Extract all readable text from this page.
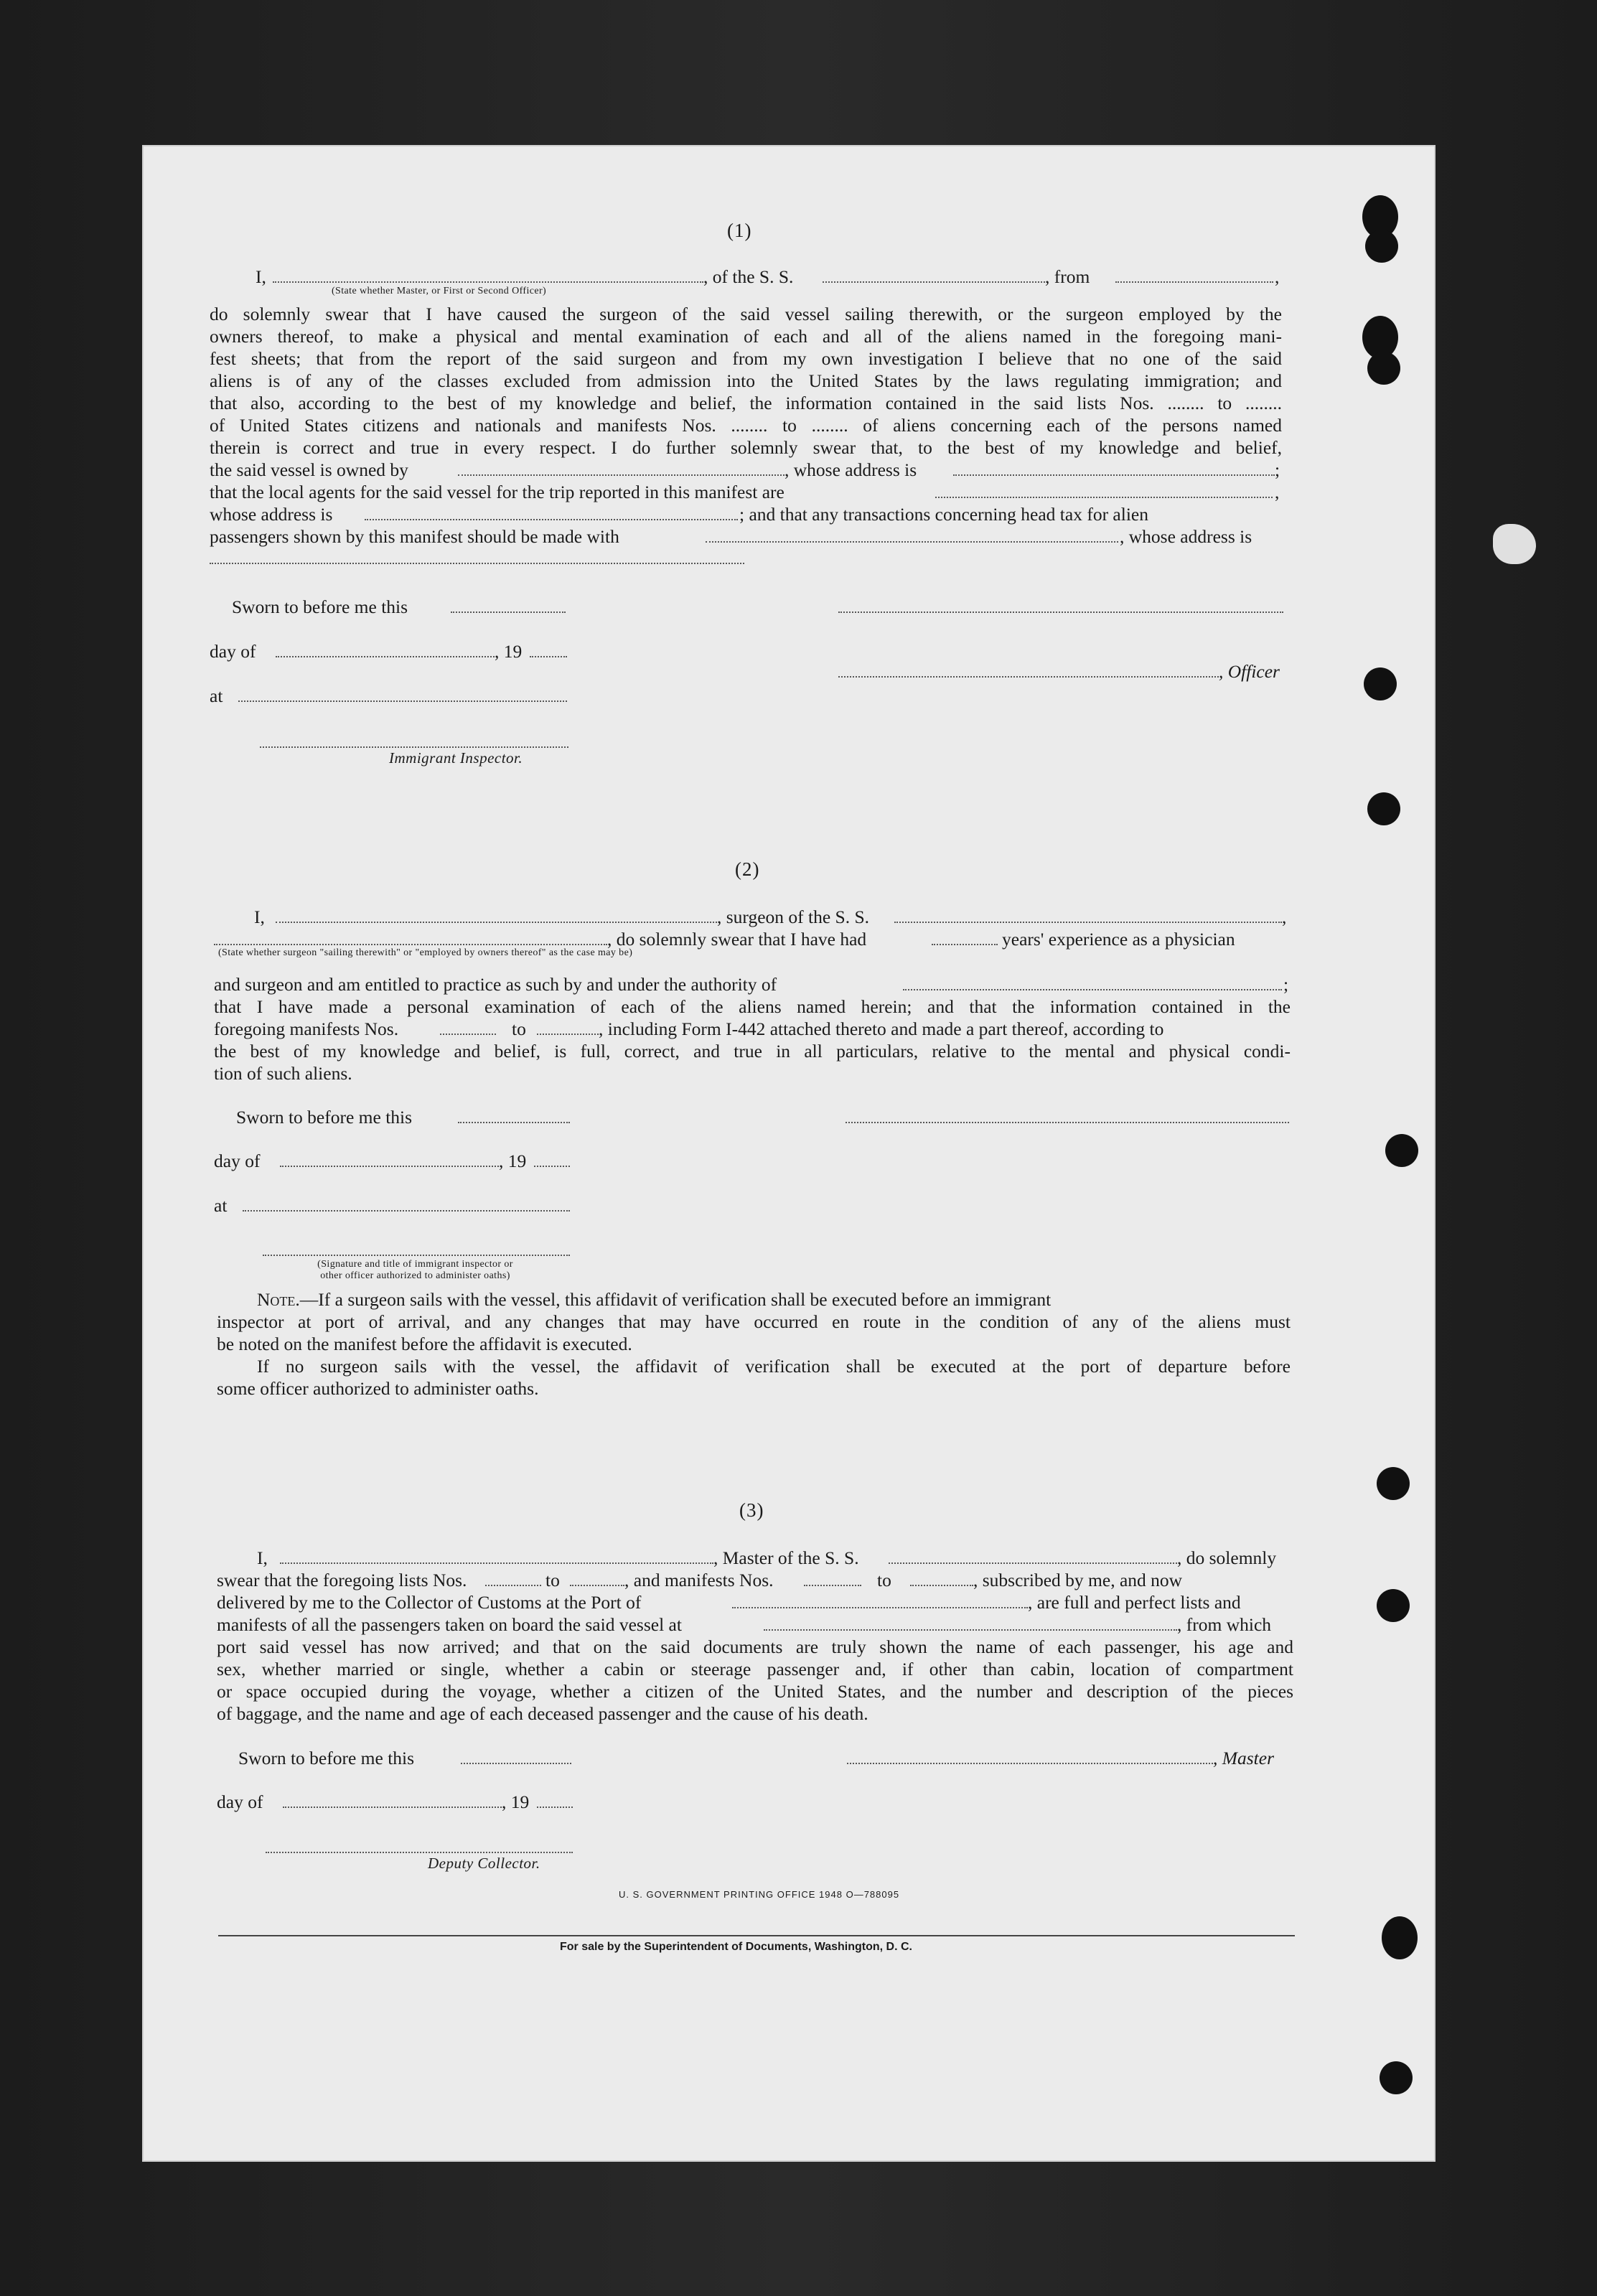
(1)
I,	, of the S. S.	, from	,
(State whether Master, or First or Second Officer)
do solemnly swear that I have caused the surgeon of the said vessel sailing therewith, or the surgeon employed by the
owners thereof, to make a physical and mental examination of each and all of the aliens named in the foregoing mani-
fest sheets; that from the report of the said surgeon and from my own investigation I believe that no one of the said
aliens is of any of the classes excluded from admission into the United States by the laws regulating immigration; and
that also, according to the best of my knowledge and belief, the information contained in the said lists Nos. ........ to ........
of United States citizens and nationals and manifests Nos. ........ to ........ of aliens concerning each of the persons named
therein is correct and true in every respect. I do further solemnly swear that, to the best of my knowledge and belief,
the said vessel is owned by	, whose address is	;
that the local agents for the said vessel for the trip reported in this manifest are	,
whose address is	; and that any transactions concerning head tax for alien
passengers shown by this manifest should be made with	, whose address is
Sworn to before me this
day of	, 19
, Officer
at
Immigrant Inspector.
(2)
I,	, surgeon of the S. S.	,
, do solemnly swear that I have had	years' experience as a physician
(State whether surgeon "sailing therewith" or "employed by owners thereof" as the case may be)
and surgeon and am entitled to practice as such by and under the authority of	;
that I have made a personal examination of each of the aliens named herein; and that the information contained in the
foregoing manifests Nos.	to	, including Form I-442 attached thereto and made a part thereof, according to
the best of my knowledge and belief, is full, correct, and true in all particulars, relative to the mental and physical condi-
tion of such aliens.
Sworn to before me this
day of	, 19
at
(Signature and title of immigrant inspector or
other officer authorized to administer oaths)
Note.—If a surgeon sails with the vessel, this affidavit of verification shall be executed before an immigrant
inspector at port of arrival, and any changes that may have occurred en route in the condition of any of the aliens must
be noted on the manifest before the affidavit is executed.
If no surgeon sails with the vessel, the affidavit of verification shall be executed at the port of departure before
some officer authorized to administer oaths.
(3)
I,	, Master of the S. S.	, do solemnly
swear that the foregoing lists Nos.	to	, and manifests Nos.	to	, subscribed by me, and now
delivered by me to the Collector of Customs at the Port of	, are full and perfect lists and
manifests of all the passengers taken on board the said vessel at	, from which
port said vessel has now arrived; and that on the said documents are truly shown the name of each passenger, his age and
sex, whether married or single, whether a cabin or steerage passenger and, if other than cabin, location of compartment
or space occupied during the voyage, whether a citizen of the United States, and the number and description of the pieces
of baggage, and the name and age of each deceased passenger and the cause of his death.
Sworn to before me this	, Master
day of	, 19
Deputy Collector.
U. S. GOVERNMENT PRINTING OFFICE 1948 O—788095
For sale by the Superintendent of Documents, Washington, D. C.
